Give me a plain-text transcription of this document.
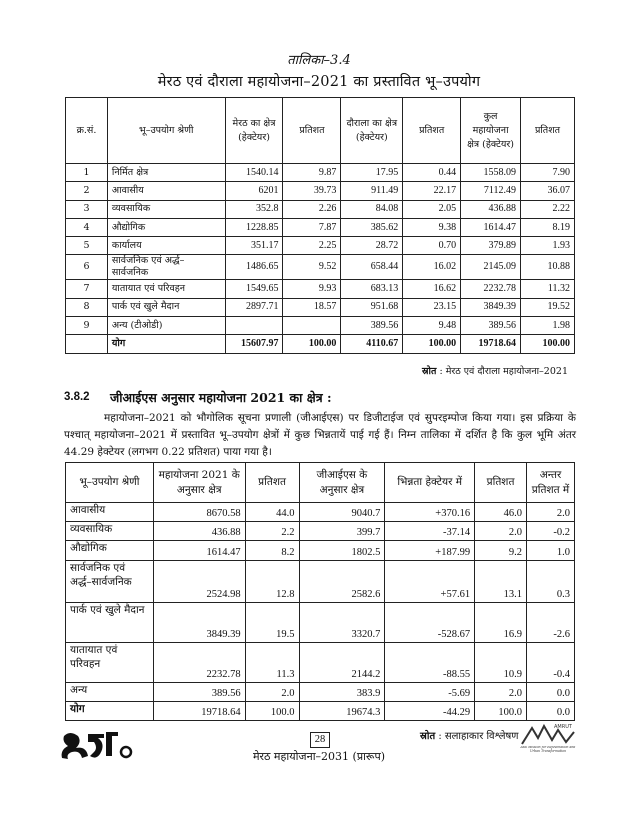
तालिका–3.4
मेरठ एवं दौराला महायोजना–2021 का प्रस्तावित भू–उपयोग
क्र.सं.	भू–उपयोग श्रेणी	मेरठ का क्षेत्र (हेक्टेयर)	प्रतिशत	दौराला का क्षेत्र (हेक्टेयर)	प्रतिशत	कुल महायोजना क्षेत्र (हेक्टेयर)	प्रतिशत
1	निर्मित क्षेत्र	1540.14	9.87	17.95	0.44	1558.09	7.90
2	आवासीय	6201	39.73	911.49	22.17	7112.49	36.07
3	व्यवसायिक	352.8	2.26	84.08	2.05	436.88	2.22
4	औद्योगिक	1228.85	7.87	385.62	9.38	1614.47	8.19
5	कार्यालय	351.17	2.25	28.72	0.70	379.89	1.93
6	सार्वजनिक एवं अर्द्ध–सार्वजनिक	1486.65	9.52	658.44	16.02	2145.09	10.88
7	यातायात एवं परिवहन	1549.65	9.93	683.13	16.62	2232.78	11.32
8	पार्क एवं खुले मैदान	2897.71	18.57	951.68	23.15	3849.39	19.52
9	अन्य (टीओडी)			389.56	9.48	389.56	1.98
	योग	15607.97	100.00	4110.67	100.00	19718.64	100.00
स्रोत : मेरठ एवं दौराला महायोजना–2021
3.8.2 जीआईएस अनुसार महायोजना 2021 का क्षेत्र :

महायोजना–2021 को भौगोलिक सूचना प्रणाली (जीआईएस) पर डिजीटाईज एवं सुपरइम्पोज किया गया। इस प्रक्रिया के पश्चात् महायोजना–2021 में प्रस्तावित भू–उपयोग क्षेत्रों में कुछ भिन्नतायें पाई गई हैं। निम्न तालिका में दर्शित है कि कुल भूमि अंतर 44.29 हेक्टेयर (लगभग 0.22 प्रतिशत) पाया गया है।

भू–उपयोग श्रेणी	महायोजना 2021 के अनुसार क्षेत्र	प्रतिशत	जीआईएस के अनुसार क्षेत्र	भिन्नता हेक्टेयर में	प्रतिशत	अन्तर प्रतिशत में
आवासीय	8670.58	44.0	9040.7	+370.16	46.0	2.0
व्यवसायिक	436.88	2.2	399.7	-37.14	2.0	-0.2
औद्योगिक	1614.47	8.2	1802.5	+187.99	9.2	1.0
सार्वजनिक एवं अर्द्ध–सार्वजनिक	2524.98	12.8	2582.6	+57.61	13.1	0.3
पार्क एवं खुले मैदान	3849.39	19.5	3320.7	-528.67	16.9	-2.6
यातायात एवं परिवहन	2232.78	11.3	2144.2	-88.55	10.9	-0.4
अन्य	389.56	2.0	383.9	-5.69	2.0	0.0
योग	19718.64	100.0	19674.3	-44.29	100.0	0.0
स्रोत : सलाहाकार विश्लेषण
28
मेरठ महायोजना–2031 (प्रारूप)
AMRUT
Atal Mission for Rejuvenation and Urban Transformation
